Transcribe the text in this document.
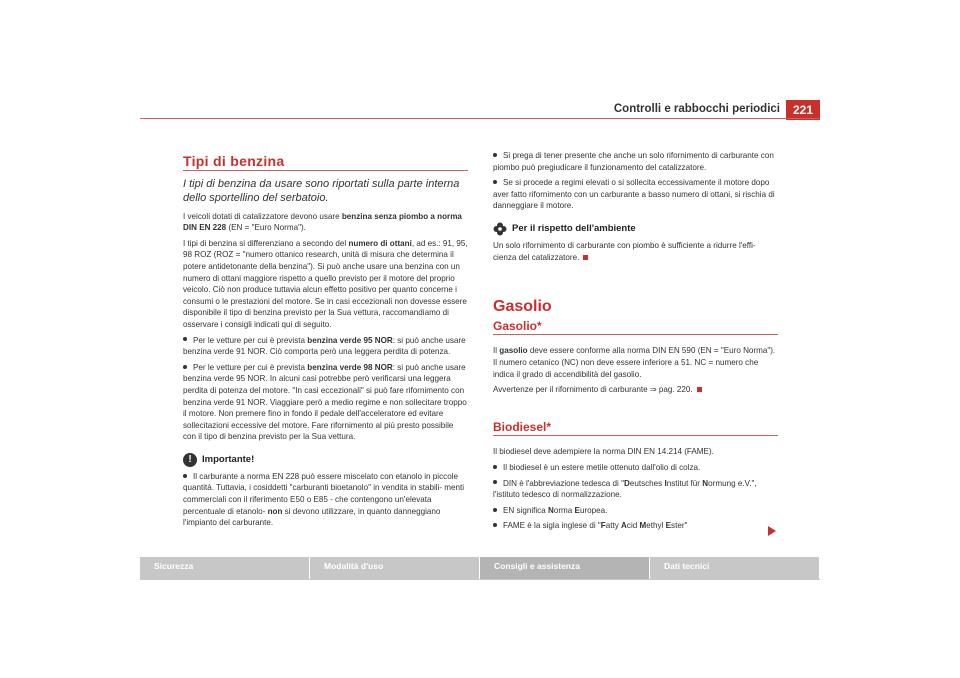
Controlli e rabbocchi periodici	221
Tipi di benzina
I tipi di benzina da usare sono riportati sulla parte interna dello sportellino del serbatoio.

I veicoli dotati di catalizzatore devono usare benzina senza piombo a norma DIN EN 228 (EN = "Euro Norma").

I tipi di benzina si differenziano a secondo del numero di ottani, ad es.: 91, 95, 98 ROZ (ROZ = "numero ottanico research, unità di misura che determina il potere antidetonante della benzina"). Si può anche usare una benzina con un numero di ottani maggiore rispetto a quello previsto per il motore del proprio veicolo. Ciò non produce tuttavia alcun effetto positivo per quanto concerne i consumi o le prestazioni del motore. Se in casi eccezionali non dovesse essere disponibile il tipo di benzina previsto per la Sua vettura, raccomandiamo di osservare i consigli indicati qui di seguito.

Per le vetture per cui è prevista benzina verde 95 NOR: si può anche usare benzina verde 91 NOR. Ciò comporta però una leggera perdita di potenza.
Per le vetture per cui è prevista benzina verde 98 NOR: si può anche usare benzina verde 95 NOR. In alcuni casi potrebbe però verificarsi una leggera perdita di potenza del motore. "In casi eccezionali" si può fare rifornimento con benzina verde 91 NOR. Viaggiare però a medio regime e non sollecitare troppo il motore. Non premere fino in fondo il pedale dell'acceleratore ed evitare sollecitazioni eccessive del motore. Fare rifornimento al più presto possibile con il tipo di benzina previsto per la Sua vettura.
!	Importante!
Il carburante a norma EN 228 può essere miscelato con etanolo in piccole quantità. Tuttavia, i cosiddetti "carburanti bioetanolo" in vendita in stabili- menti commerciali con il riferimento E50 o E85 - che contengono un'elevata percentuale di etanolo- non si devono utilizzare, in quanto danneggiano l'impianto del carburante.
Si prega di tener presente che anche un solo rifornimento di carburante con piombo può pregiudicare il funzionamento del catalizzatore.
Se si procede a regimi elevati o si sollecita eccessivamente il motore dopo aver fatto rifornimento con un carburante a basso numero di ottani, si rischia di danneggiare il motore.
Per il rispetto dell'ambiente

Un solo rifornimento di carburante con piombo è sufficiente a ridurre l'effi- cienza del catalizzatore.

Gasolio
Gasolio*

Il gasolio deve essere conforme alla norma DIN EN 590 (EN = "Euro Norma"). Il numero cetanico (NC) non deve essere inferiore a 51. NC = numero che indica il grado di accendibilità del gasolio.

Avvertenze per il rifornimento di carburante ⇒ pag. 220.

Biodiesel*

Il biodiesel deve adempiere la norma DIN EN 14.214 (FAME).

Il biodiesel è un estere metile ottenuto dall'olio di colza.
DIN è l'abbreviazione tedesca di "Deutsches Institut für Normung e.V.", l'istituto tedesco di normalizzazione.
EN significa Norma Europea.
FAME è la sigla inglese di "Fatty Acid Methyl Ester"
Sicurezza	Modalità d'uso	Consigli e assistenza	Dati tecnici
